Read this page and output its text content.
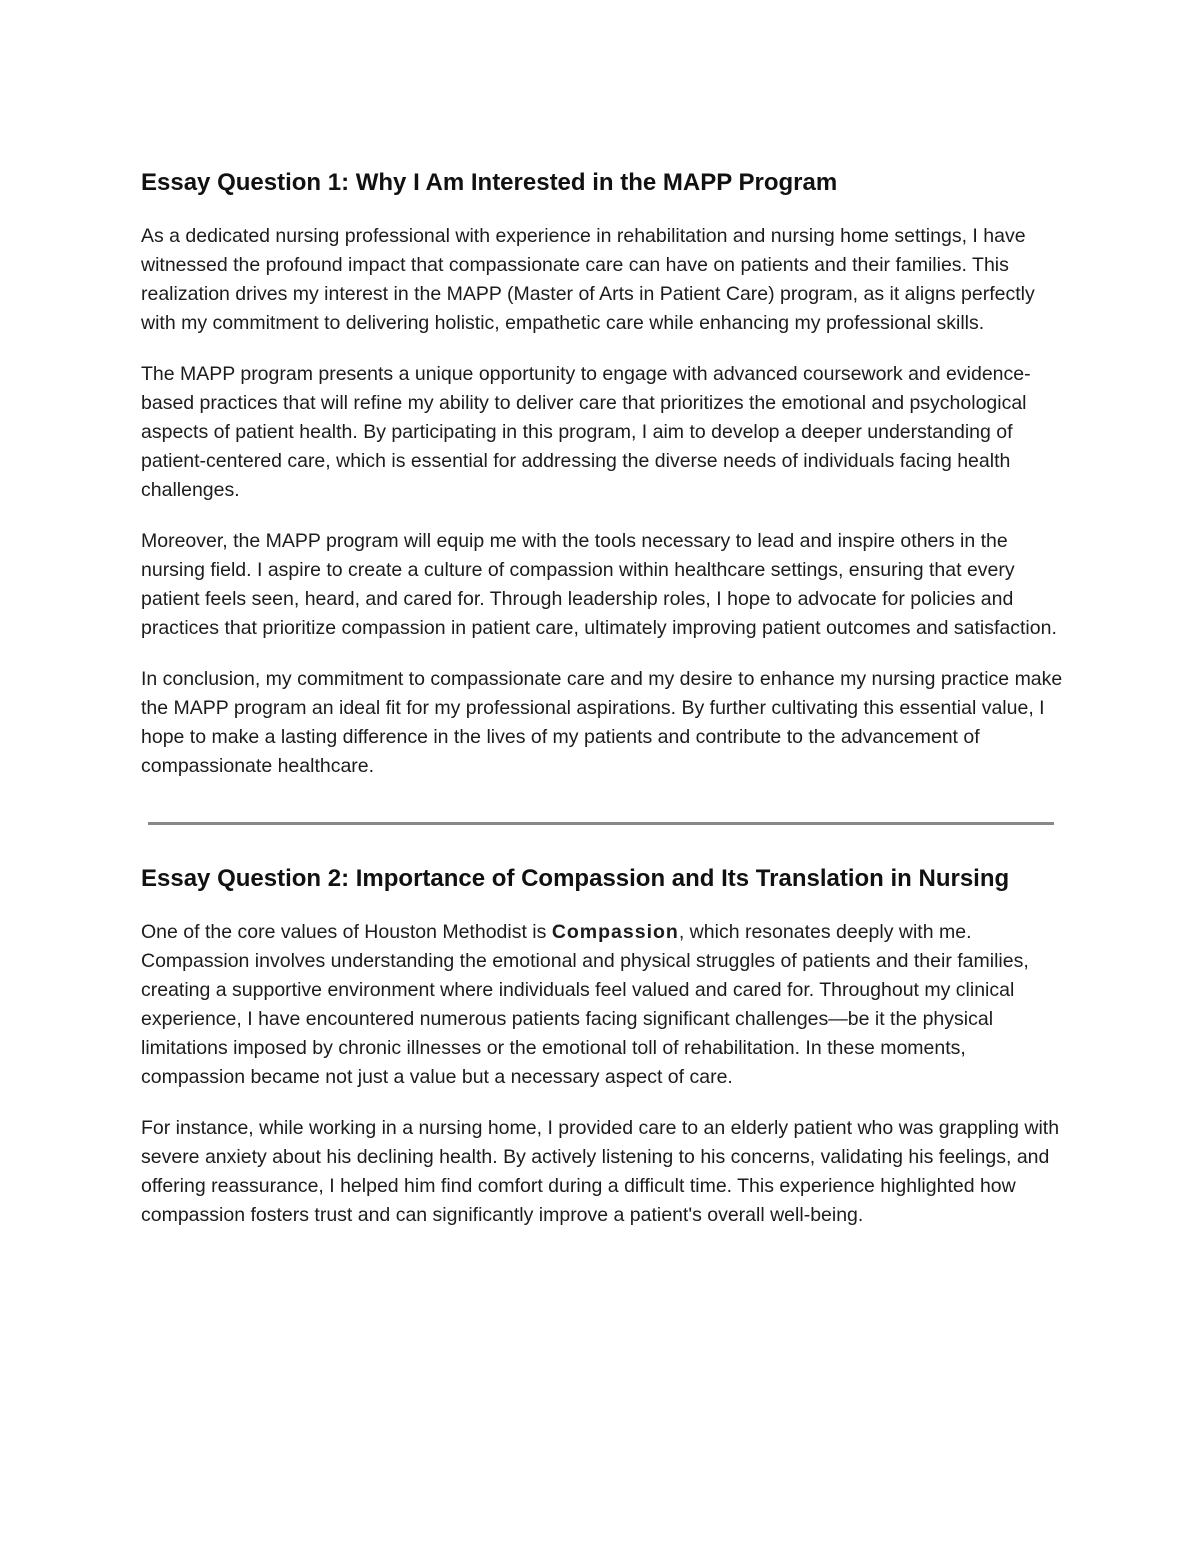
Essay Question 1: Why I Am Interested in the MAPP Program

As a dedicated nursing professional with experience in rehabilitation and nursing home settings, I have witnessed the profound impact that compassionate care can have on patients and their families. This realization drives my interest in the MAPP (Master of Arts in Patient Care) program, as it aligns perfectly with my commitment to delivering holistic, empathetic care while enhancing my professional skills.

The MAPP program presents a unique opportunity to engage with advanced coursework and evidence-based practices that will refine my ability to deliver care that prioritizes the emotional and psychological aspects of patient health. By participating in this program, I aim to develop a deeper understanding of patient-centered care, which is essential for addressing the diverse needs of individuals facing health challenges.

Moreover, the MAPP program will equip me with the tools necessary to lead and inspire others in the nursing field. I aspire to create a culture of compassion within healthcare settings, ensuring that every patient feels seen, heard, and cared for. Through leadership roles, I hope to advocate for policies and practices that prioritize compassion in patient care, ultimately improving patient outcomes and satisfaction.

In conclusion, my commitment to compassionate care and my desire to enhance my nursing practice make the MAPP program an ideal fit for my professional aspirations. By further cultivating this essential value, I hope to make a lasting difference in the lives of my patients and contribute to the advancement of compassionate healthcare.

Essay Question 2: Importance of Compassion and Its Translation in Nursing

One of the core values of Houston Methodist is Compassion, which resonates deeply with me. Compassion involves understanding the emotional and physical struggles of patients and their families, creating a supportive environment where individuals feel valued and cared for. Throughout my clinical experience, I have encountered numerous patients facing significant challenges—be it the physical limitations imposed by chronic illnesses or the emotional toll of rehabilitation. In these moments, compassion became not just a value but a necessary aspect of care.

For instance, while working in a nursing home, I provided care to an elderly patient who was grappling with severe anxiety about his declining health. By actively listening to his concerns, validating his feelings, and offering reassurance, I helped him find comfort during a difficult time. This experience highlighted how compassion fosters trust and can significantly improve a patient's overall well-being.
